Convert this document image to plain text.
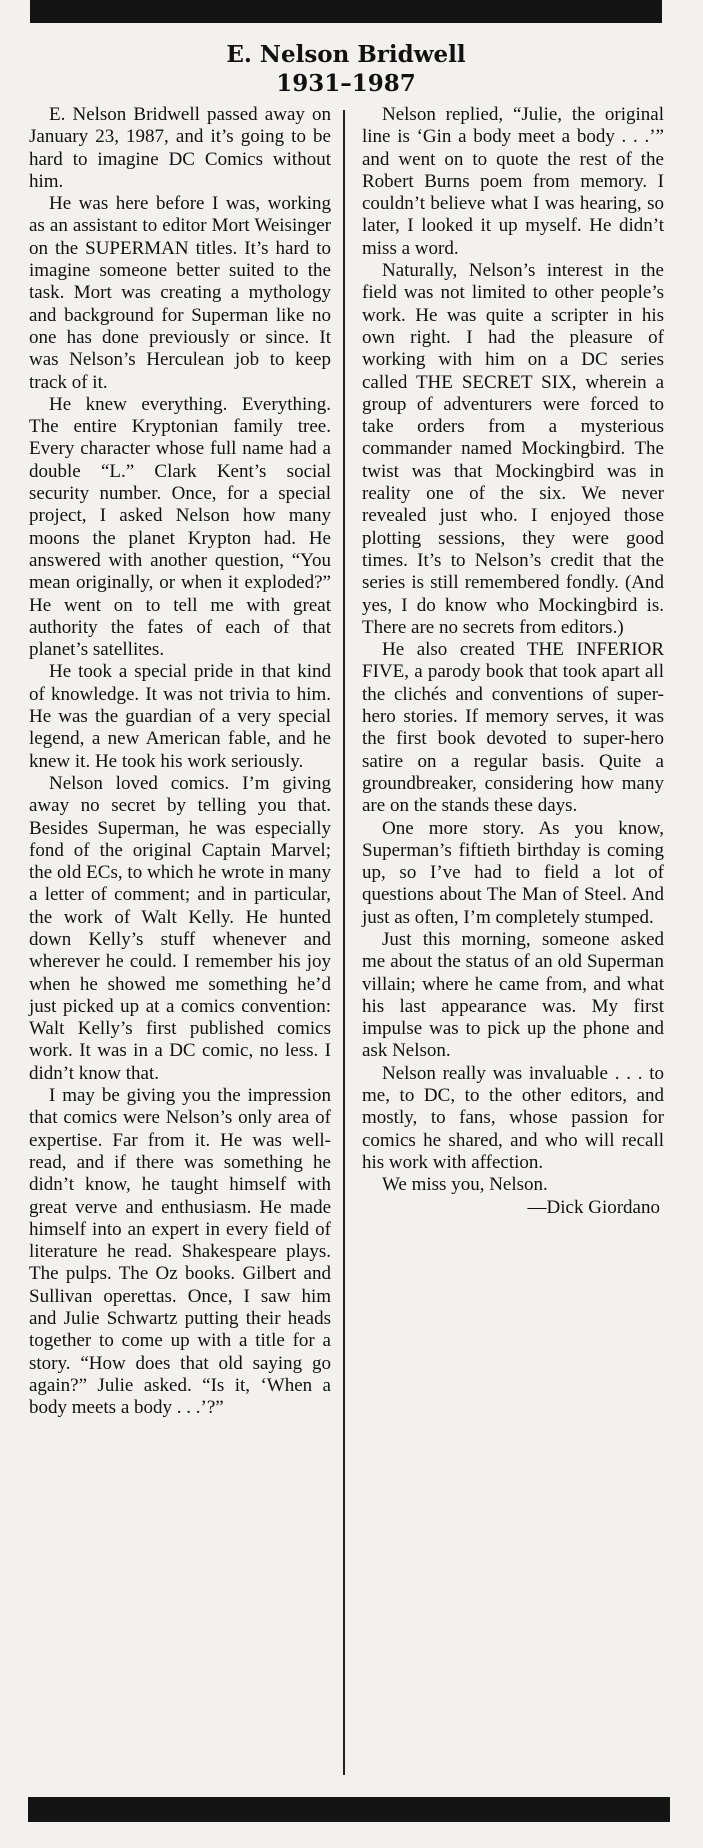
E. Nelson Bridwell
1931–1987

E. Nelson Bridwell passed away on January 23, 1987, and it’s going to be hard to imagine DC Comics without him.

He was here before I was, working as an assistant to editor Mort Weisinger on the SUPERMAN titles. It’s hard to imagine someone better suited to the task. Mort was creating a mythology and background for Superman like no one has done previously or since. It was Nelson’s Herculean job to keep track of it.

He knew everything. Everything. The entire Kryptonian family tree. Every character whose full name had a double “L.” Clark Kent’s social security number. Once, for a special project, I asked Nelson how many moons the planet Krypton had. He answered with another question, “You mean originally, or when it exploded?” He went on to tell me with great authority the fates of each of that planet’s satellites.

He took a special pride in that kind of knowledge. It was not trivia to him. He was the guardian of a very special legend, a new American fable, and he knew it. He took his work seriously.

Nelson loved comics. I’m giving away no secret by telling you that. Besides Superman, he was especially fond of the original Captain Marvel; the old ECs, to which he wrote in many a letter of comment; and in particular, the work of Walt Kelly. He hunted down Kelly’s stuff whenever and wherever he could. I remember his joy when he showed me something he’d just picked up at a comics convention: Walt Kelly’s first published comics work. It was in a DC comic, no less. I didn’t know that.

I may be giving you the impression that comics were Nelson’s only area of expertise. Far from it. He was well-read, and if there was something he didn’t know, he taught himself with great verve and enthusiasm. He made himself into an expert in every field of literature he read. Shakespeare plays. The pulps. The Oz books. Gilbert and Sullivan operettas. Once, I saw him and Julie Schwartz putting their heads together to come up with a title for a story. “How does that old saying go again?” Julie asked. “Is it, ‘When a body meets a body . . .’?”

Nelson replied, “Julie, the original line is ‘Gin a body meet a body . . .’” and went on to quote the rest of the Robert Burns poem from memory. I couldn’t believe what I was hearing, so later, I looked it up myself. He didn’t miss a word.

Naturally, Nelson’s interest in the field was not limited to other people’s work. He was quite a scripter in his own right. I had the pleasure of working with him on a DC series called THE SECRET SIX, wherein a group of adventurers were forced to take orders from a mysterious commander named Mockingbird. The twist was that Mockingbird was in reality one of the six. We never revealed just who. I enjoyed those plotting sessions, they were good times. It’s to Nelson’s credit that the series is still remembered fondly. (And yes, I do know who Mockingbird is. There are no secrets from editors.)

He also created THE INFERIOR FIVE, a parody book that took apart all the clichés and conventions of super-hero stories. If memory serves, it was the first book devoted to super-hero satire on a regular basis. Quite a groundbreaker, considering how many are on the stands these days.

One more story. As you know, Superman’s fiftieth birthday is coming up, so I’ve had to field a lot of questions about The Man of Steel. And just as often, I’m completely stumped.

Just this morning, someone asked me about the status of an old Superman villain; where he came from, and what his last appearance was. My first impulse was to pick up the phone and ask Nelson.

Nelson really was invaluable . . . to me, to DC, to the other editors, and mostly, to fans, whose passion for comics he shared, and who will recall his work with affection.

We miss you, Nelson.

—Dick Giordano
